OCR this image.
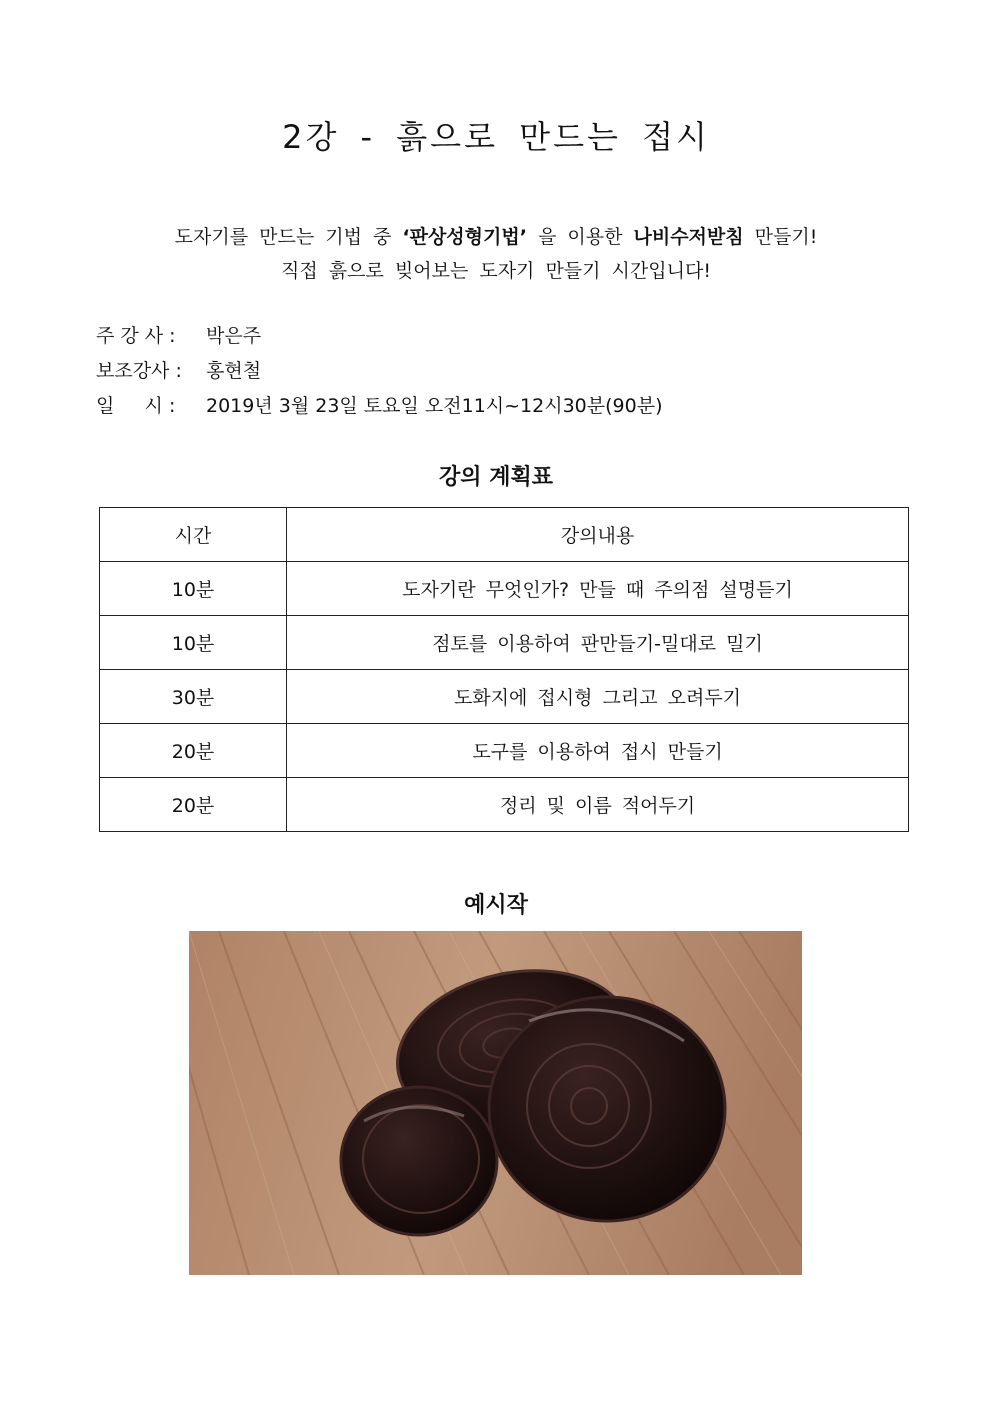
2강 - 흙으로 만드는 접시
도자기를 만드는 기법 중 ‘판상성형기법’ 을 이용한 나비수저받침 만들기!
직접 흙으로 빚어보는 도자기 만들기 시간입니다!
주 강 사 : 박은주
보조강사 : 홍현철
일     시 : 2019년 3월 23일 토요일 오전11시~12시30분(90분)
강의 계획표
시간	강의내용
10분	도자기란 무엇인가? 만들 때 주의점 설명듣기
10분	점토를 이용하여 판만들기-밀대로 밀기
30분	도화지에 접시형 그리고 오려두기
20분	도구를 이용하여 접시 만들기
20분	정리 및 이름 적어두기
예시작
